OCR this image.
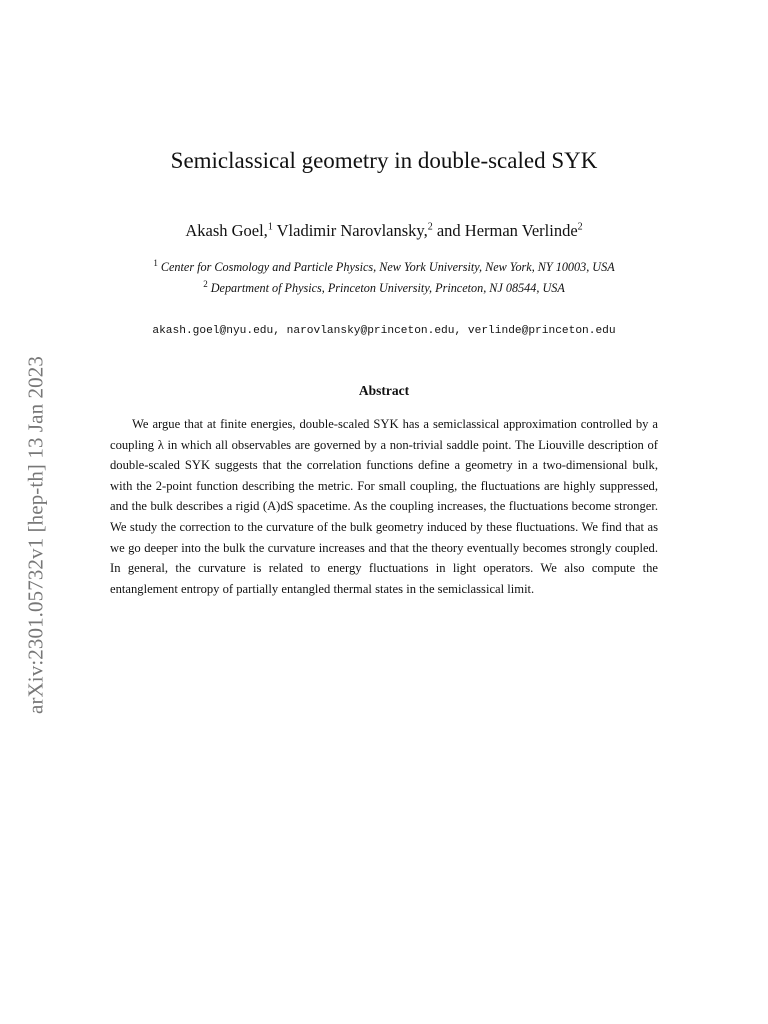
arXiv:2301.05732v1 [hep-th] 13 Jan 2023
Semiclassical geometry in double-scaled SYK
Akash Goel,$^1$ Vladimir Narovlansky,$^2$ and Herman Verlinde$^2$
$^1$ Center for Cosmology and Particle Physics, New York University, New York, NY 10003, USA
$^2$ Department of Physics, Princeton University, Princeton, NJ 08544, USA
akash.goel@nyu.edu, narovlansky@princeton.edu, verlinde@princeton.edu
Abstract

We argue that at finite energies, double-scaled SYK has a semiclassical approximation controlled by a coupling λ in which all observables are governed by a non-trivial saddle point. The Liouville description of double-scaled SYK suggests that the correlation functions define a geometry in a two-dimensional bulk, with the 2-point function describing the metric. For small coupling, the fluctuations are highly suppressed, and the bulk describes a rigid (A)dS spacetime. As the coupling increases, the fluctuations become stronger. We study the correction to the curvature of the bulk geometry induced by these fluctuations. We find that as we go deeper into the bulk the curvature increases and that the theory eventually becomes strongly coupled. In general, the curvature is related to energy fluctuations in light operators. We also compute the entanglement entropy of partially entangled thermal states in the semiclassical limit.
